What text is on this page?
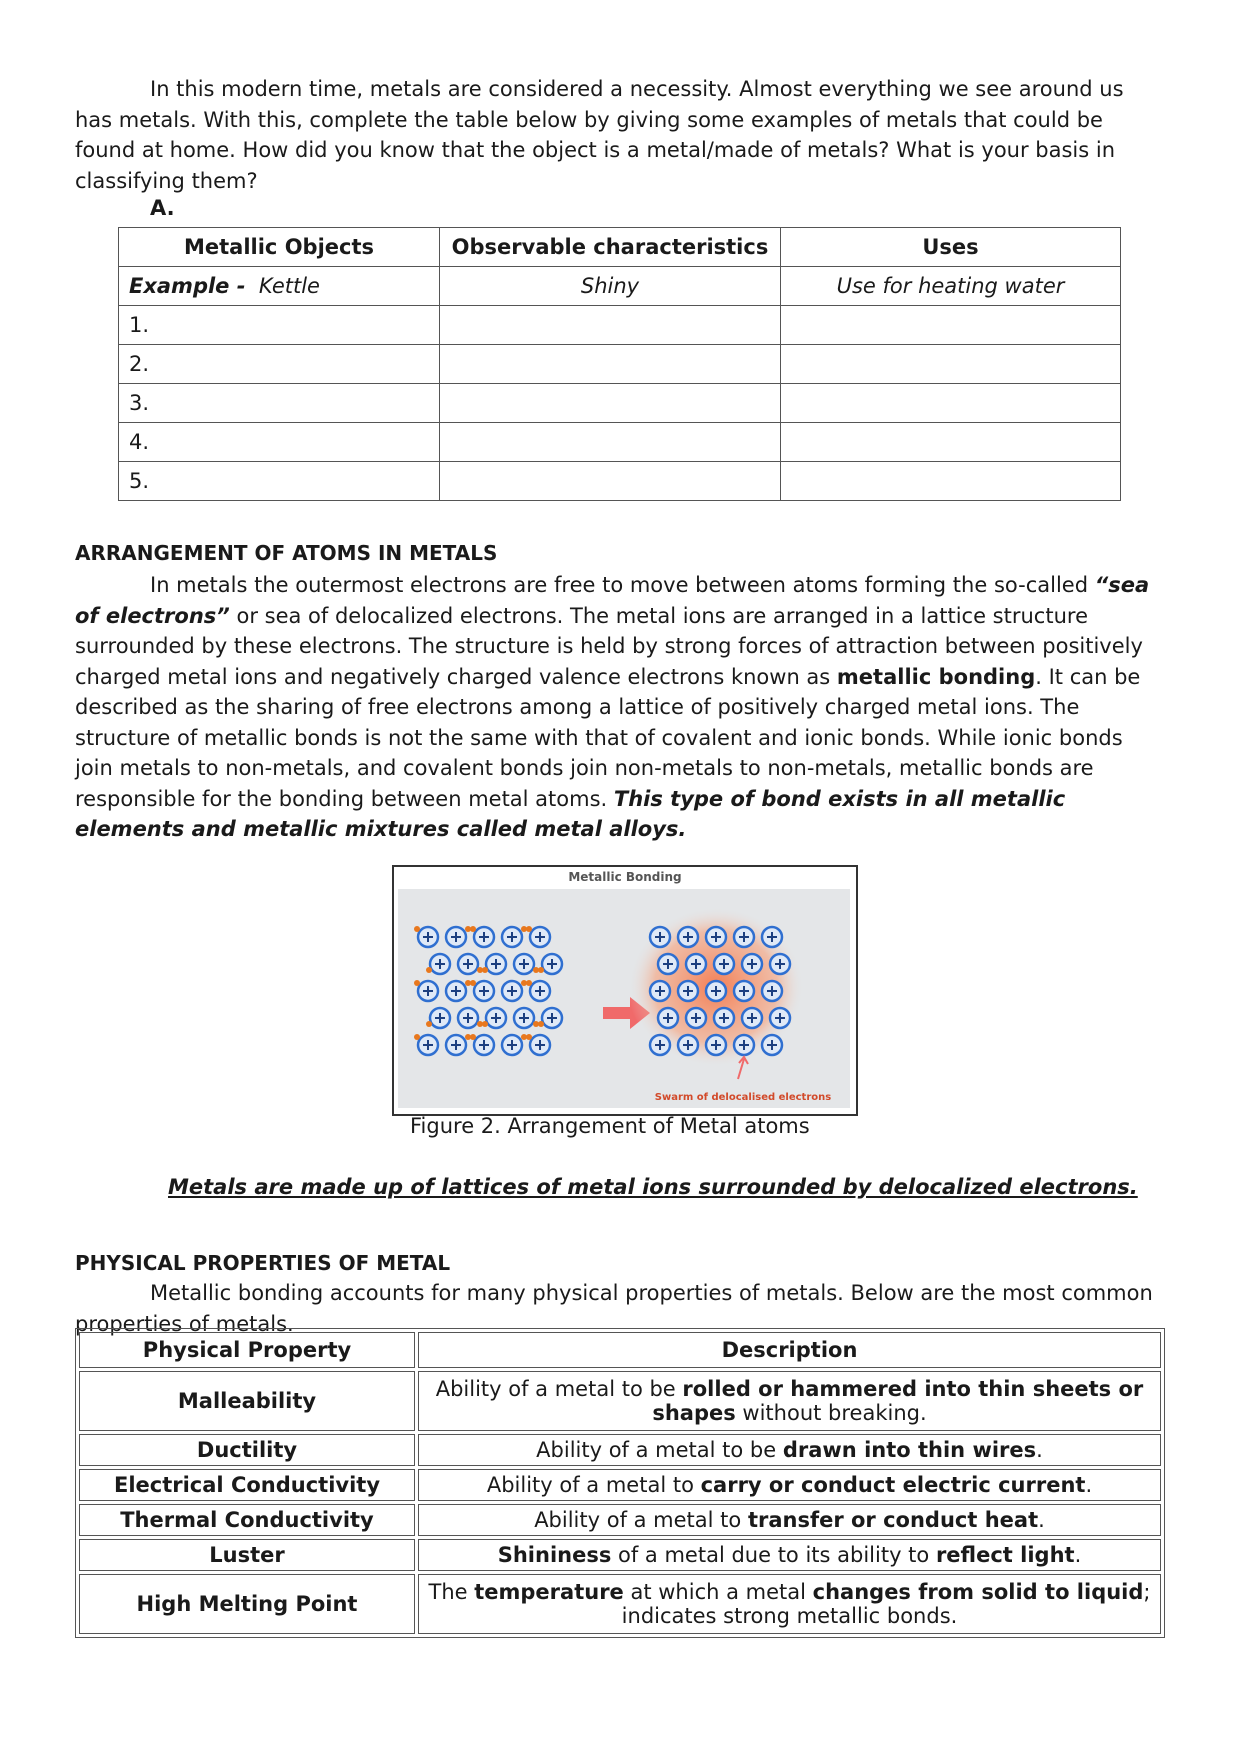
In this modern time, metals are considered a necessity. Almost everything we see around us has metals. With this, complete the table below by giving some examples of metals that could be found at home. How did you know that the object is a metal/made of metals? What is your basis in classifying them?

A.
Metallic Objects	Observable characteristics	Uses
Example - Kettle	Shiny	Use for heating water
1.		
2.		
3.		
4.		
5.		
ARRANGEMENT OF ATOMS IN METALS

In metals the outermost electrons are free to move between atoms forming the so-called “sea of electrons” or sea of delocalized electrons. The metal ions are arranged in a lattice structure surrounded by these electrons. The structure is held by strong forces of attraction between positively charged metal ions and negatively charged valence electrons known as metallic bonding. It can be described as the sharing of free electrons among a lattice of positively charged metal ions. The structure of metallic bonds is not the same with that of covalent and ionic bonds. While ionic bonds join metals to non-metals, and covalent bonds join non-metals to non-metals, metallic bonds are responsible for the bonding between metal atoms. This type of bond exists in all metallic elements and metallic mixtures called metal alloys.

Metallic Bonding
Swarm of delocalised electrons
Figure 2. Arrangement of Metal atoms
Metals are made up of lattices of metal ions surrounded by delocalized electrons.
PHYSICAL PROPERTIES OF METAL

Metallic bonding accounts for many physical properties of metals. Below are the most common properties of metals.

Physical Property	Description
Malleability	Ability of a metal to be rolled or hammered into thin sheets or shapes without breaking.
Ductility	Ability of a metal to be drawn into thin wires.
Electrical Conductivity	Ability of a metal to carry or conduct electric current.
Thermal Conductivity	Ability of a metal to transfer or conduct heat.
Luster	Shininess of a metal due to its ability to reflect light.
High Melting Point	The temperature at which a metal changes from solid to liquid; indicates strong metallic bonds.
